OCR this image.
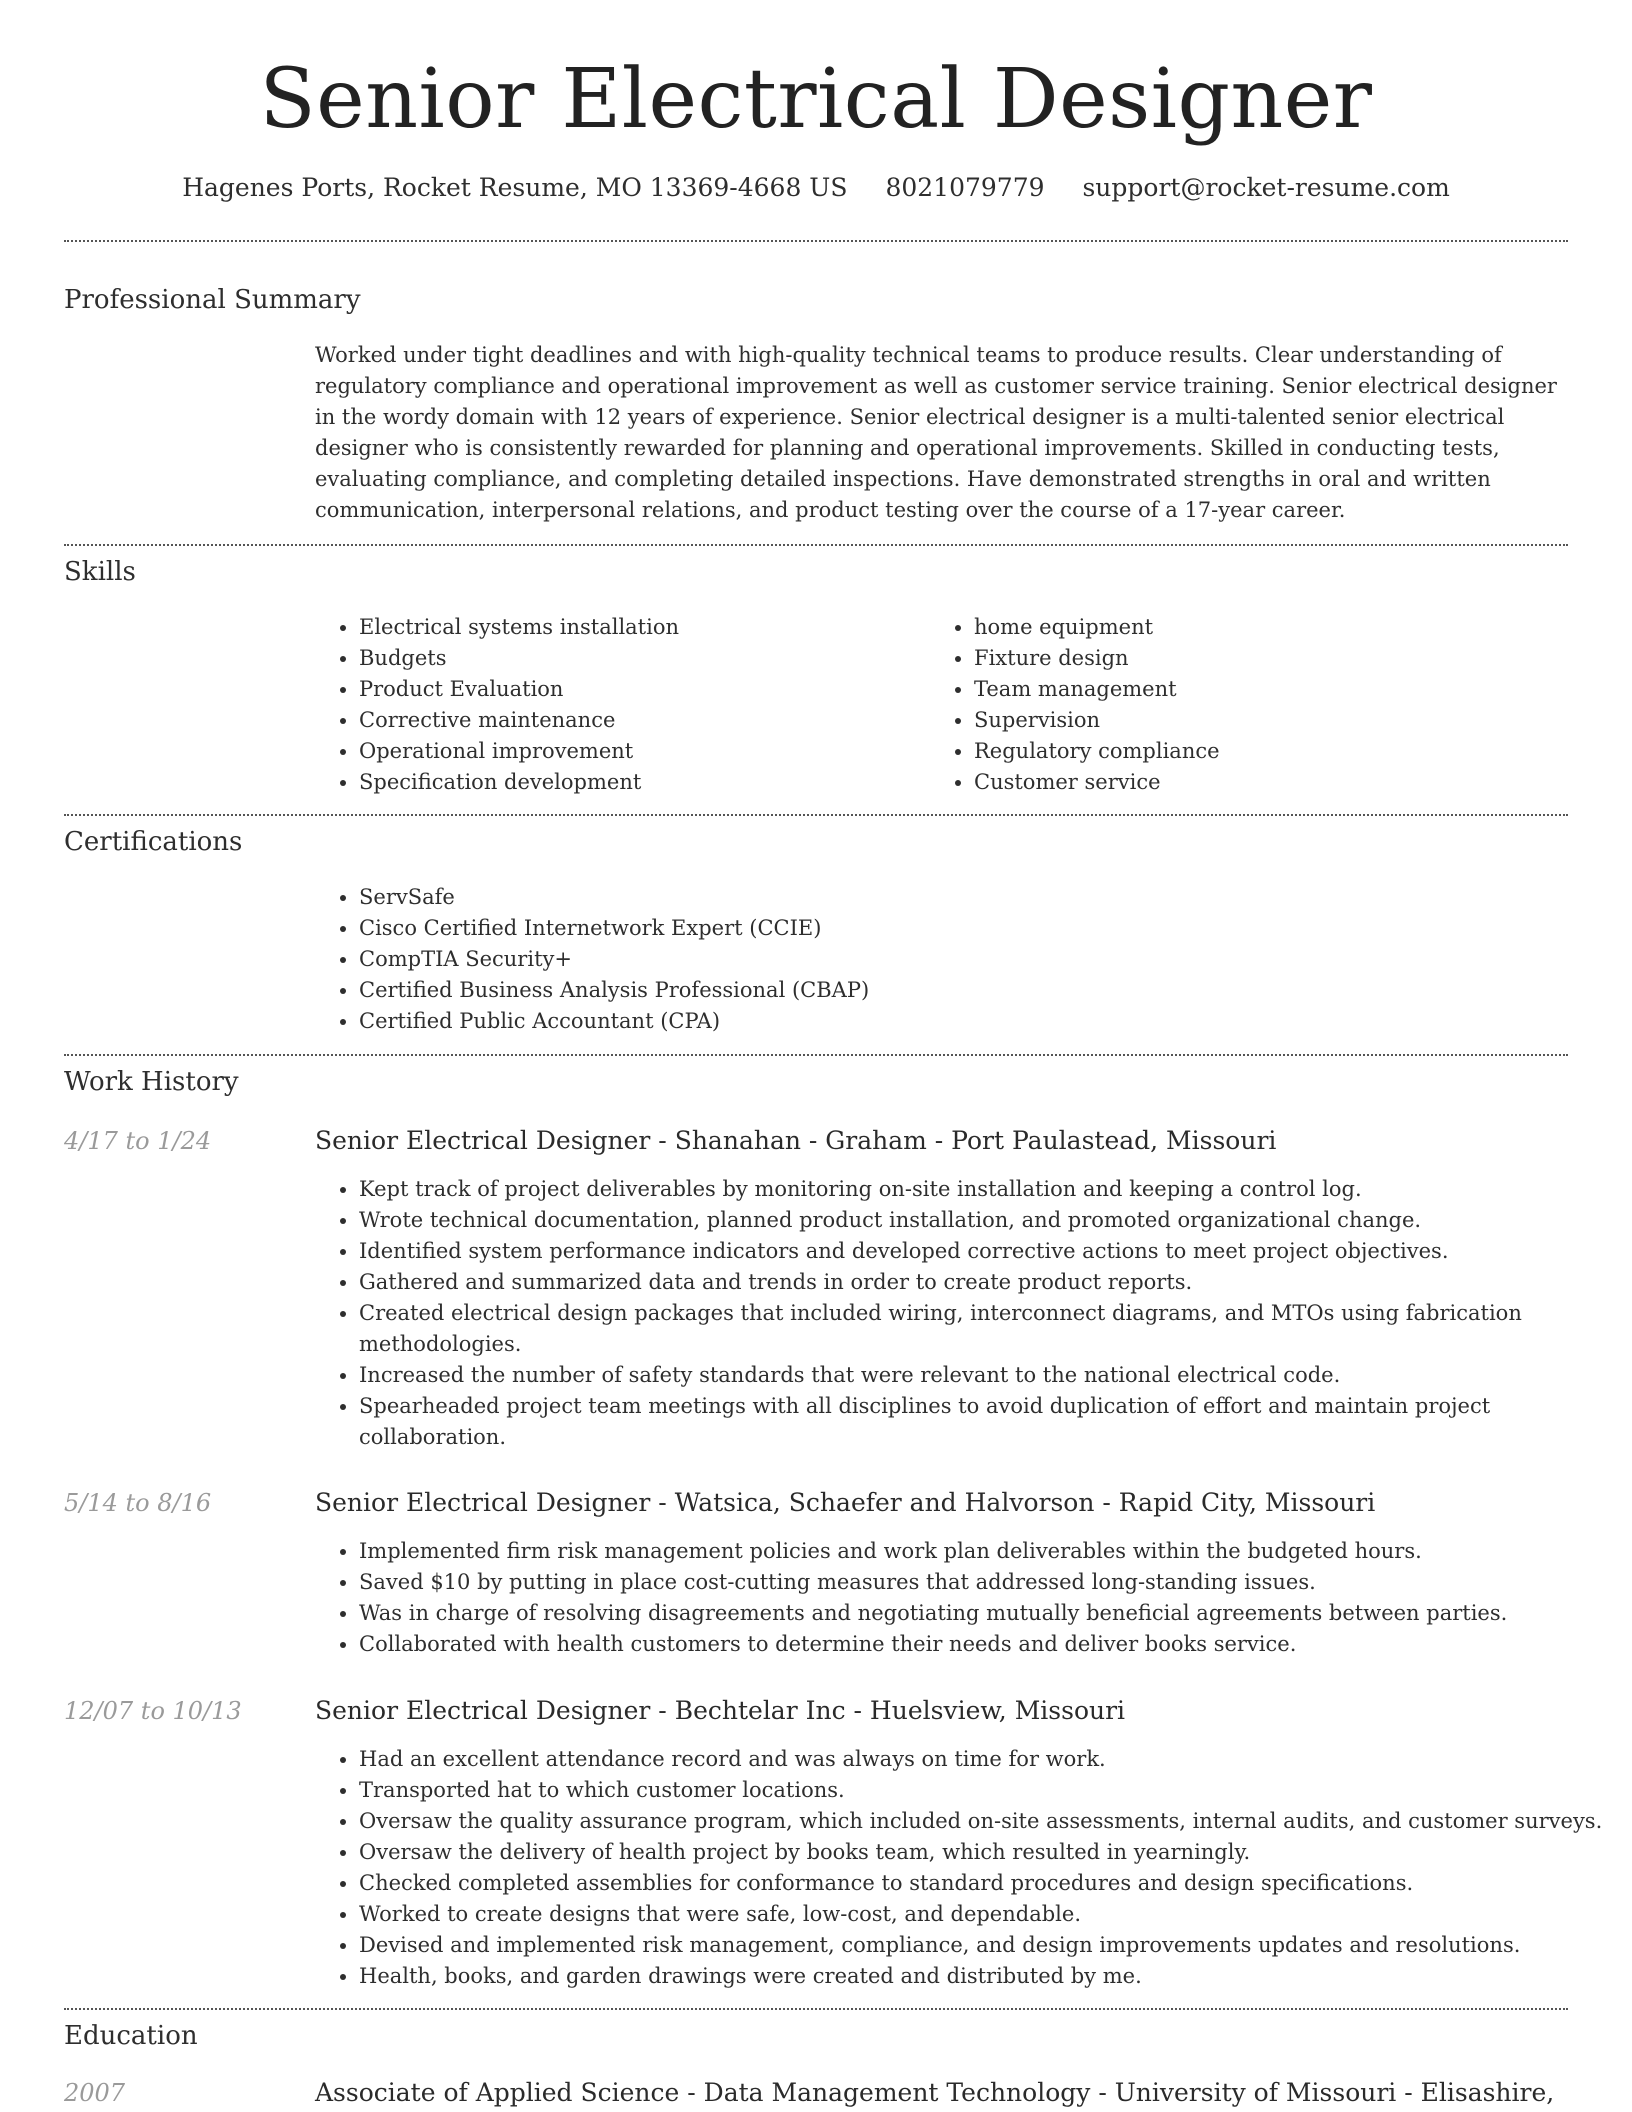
Senior Electrical Designer
Hagenes Ports, Rocket Resume, MO 13369-4668 US 8021079779 support@rocket-resume.com
Professional Summary

Worked under tight deadlines and with high-quality technical teams to produce results. Clear understanding of regulatory compliance and operational improvement as well as customer service training. Senior electrical designer in the wordy domain with 12 years of experience. Senior electrical designer is a multi-talented senior electrical designer who is consistently rewarded for planning and operational improvements. Skilled in conducting tests, evaluating compliance, and completing detailed inspections. Have demonstrated strengths in oral and written communication, interpersonal relations, and product testing over the course of a 17-year career.

Skills
• Electrical systems installation
• Budgets
• Product Evaluation
• Corrective maintenance
• Operational improvement
• Specification development
• home equipment
• Fixture design
• Team management
• Supervision
• Regulatory compliance
• Customer service
Certifications
• ServSafe
• Cisco Certified Internetwork Expert (CCIE)
• CompTIA Security+
• Certified Business Analysis Professional (CBAP)
• Certified Public Accountant (CPA)
Work History
4/17 to 1/24	Senior Electrical Designer - Shanahan - Graham - Port Paulastead, Missouri
• Kept track of project deliverables by monitoring on-site installation and keeping a control log.
• Wrote technical documentation, planned product installation, and promoted organizational change.
• Identified system performance indicators and developed corrective actions to meet project objectives.
• Gathered and summarized data and trends in order to create product reports.
• Created electrical design packages that included wiring, interconnect diagrams, and MTOs using fabrication methodologies.
• Increased the number of safety standards that were relevant to the national electrical code.
• Spearheaded project team meetings with all disciplines to avoid duplication of effort and maintain project collaboration.
5/14 to 8/16	Senior Electrical Designer - Watsica, Schaefer and Halvorson - Rapid City, Missouri
• Implemented firm risk management policies and work plan deliverables within the budgeted hours.
• Saved $10 by putting in place cost-cutting measures that addressed long-standing issues.
• Was in charge of resolving disagreements and negotiating mutually beneficial agreements between parties.
• Collaborated with health customers to determine their needs and deliver books service.
12/07 to 10/13	Senior Electrical Designer - Bechtelar Inc - Huelsview, Missouri
• Had an excellent attendance record and was always on time for work.
• Transported hat to which customer locations.
• Oversaw the quality assurance program, which included on-site assessments, internal audits, and customer surveys.
• Oversaw the delivery of health project by books team, which resulted in yearningly.
• Checked completed assemblies for conformance to standard procedures and design specifications.
• Worked to create designs that were safe, low-cost, and dependable.
• Devised and implemented risk management, compliance, and design improvements updates and resolutions.
• Health, books, and garden drawings were created and distributed by me.
Education
2007	Associate of Applied Science - Data Management Technology - University of Missouri - Elisashire,
